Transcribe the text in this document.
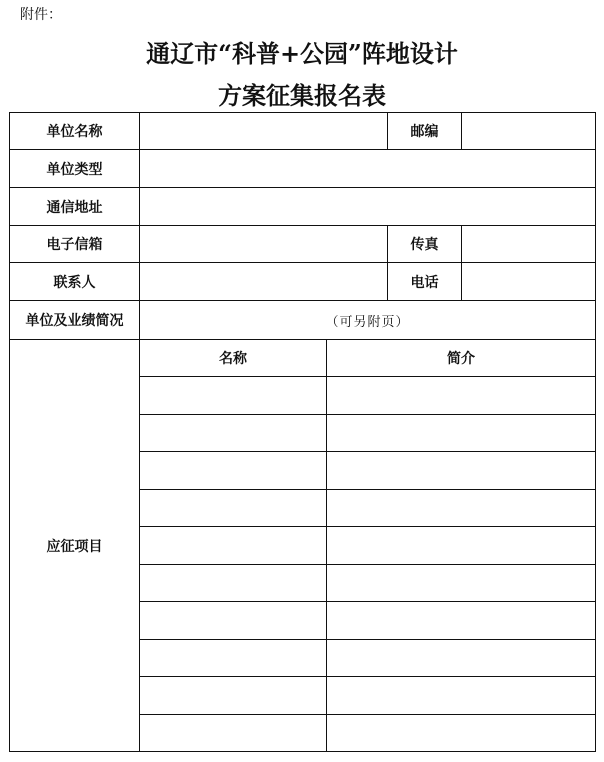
附件：
通辽市“科普+公园”阵地设计
方案征集报名表
单位名称			邮编	
单位类型				
通信地址				
电子信箱			传真	
联系人			电话	
单位及业绩简况	（可另附页）			
应征项目	名称	简介		
